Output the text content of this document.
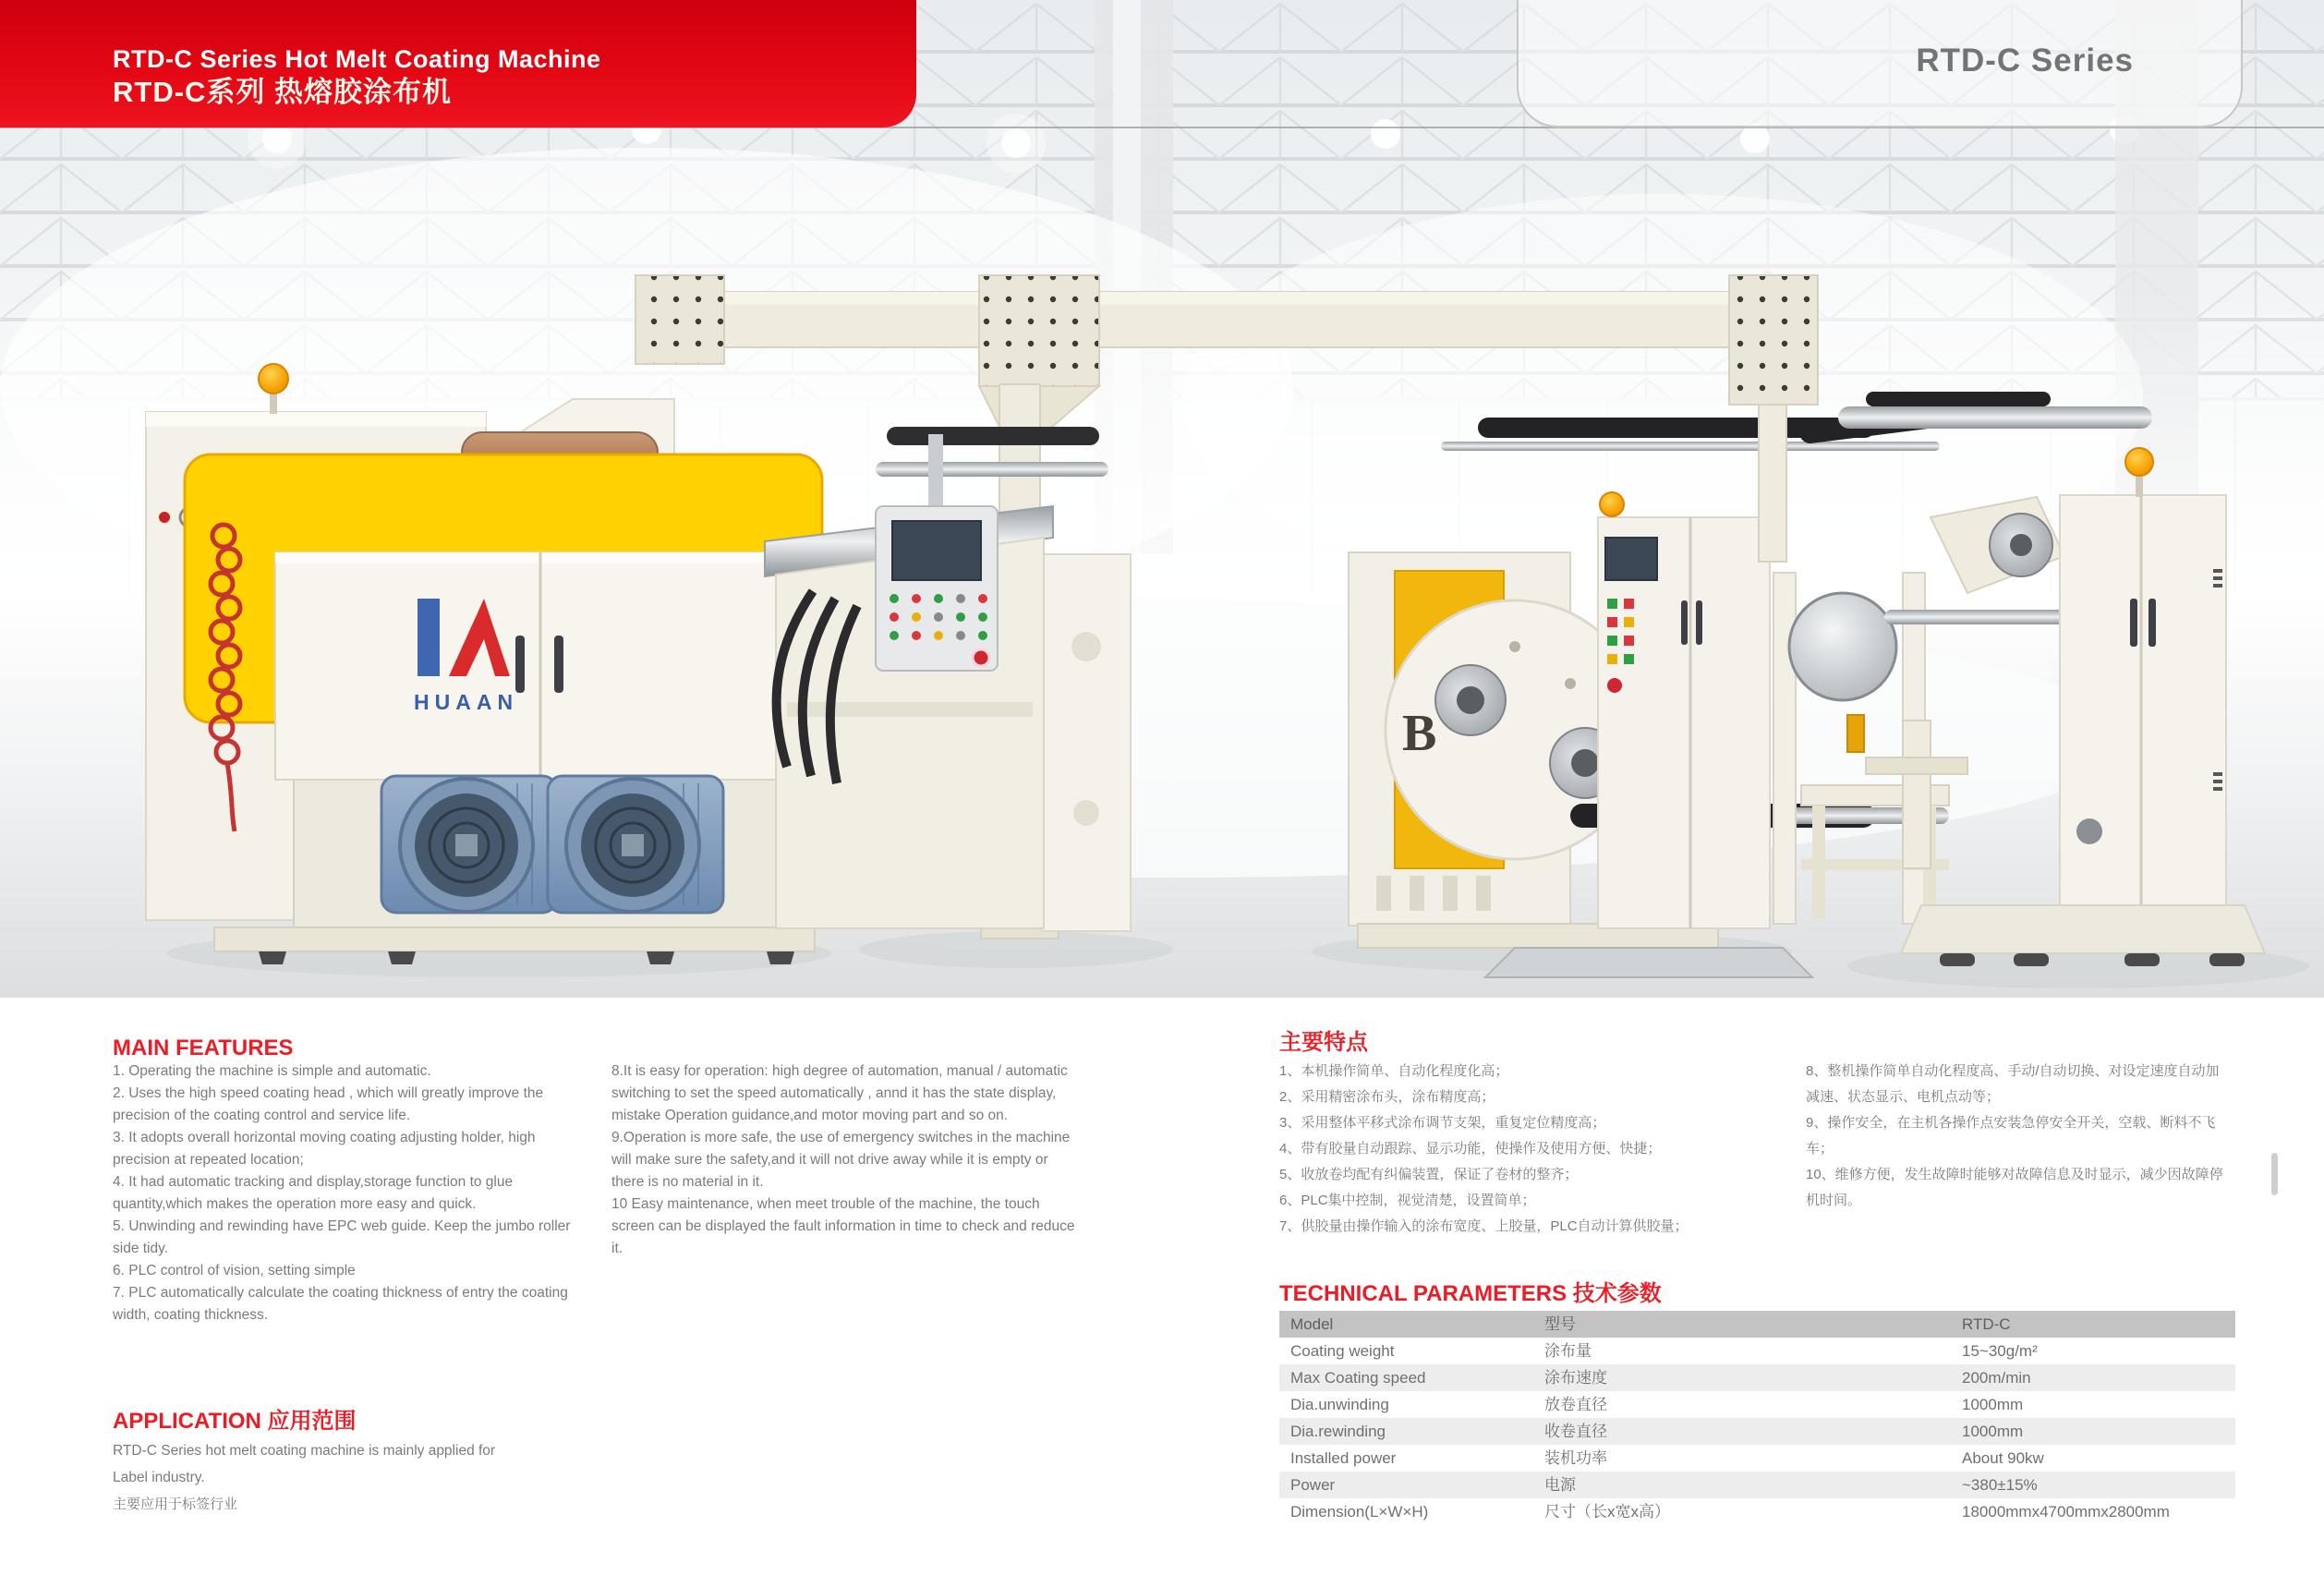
HUAAN
B
RTD-C Series Hot Melt Coating Machine
RTD-C系列 热熔胶涂布机
RTD-C Series
MAIN FEATURES

1. Operating the machine is simple and automatic.

2. Uses the high speed coating head , which will greatly improve the precision of the coating control and service life.

3. It adopts overall horizontal moving coating adjusting holder, high precision at repeated location;

4. It had automatic tracking and display,storage function to glue quantity,which makes the operation more easy and quick.

5. Unwinding and rewinding have EPC web guide. Keep the jumbo roller side tidy.

6. PLC control of vision, setting simple

7. PLC automatically calculate the coating thickness of entry the coating width, coating thickness.

8.It is easy for operation: high degree of automation, manual / automatic switching to set the speed automatically , annd it has the state display, mistake Operation guidance,and motor moving part and so on.

9.Operation is more safe, the use of emergency switches in the machine will make sure the safety,and it will not drive away while it is empty or there is no material in it.

10 Easy maintenance, when meet trouble of the machine, the touch screen can be displayed the fault information in time to check and reduce it.

主要特点

1、本机操作简单、自动化程度化高；

2、采用精密涂布头，涂布精度高；

3、采用整体平移式涂布调节支架，重复定位精度高；

4、带有胶量自动跟踪、显示功能，使操作及使用方便、快捷；

5、收放卷均配有纠偏装置，保证了卷材的整齐；

6、PLC集中控制，视觉清楚，设置简单；

7、供胶量由操作输入的涂布宽度、上胶量，PLC自动计算供胶量；

8、整机操作简单自动化程度高、手动/自动切换、对设定速度自动加减速、状态显示、电机点动等；

9、操作安全，在主机各操作点安装急停安全开关，空载、断料不飞车；

10、维修方便，发生故障时能够对故障信息及时显示，减少因故障停机时间。

APPLICATION 应用范围

RTD-C Series hot melt coating machine is mainly applied for

Label industry.

主要应用于标签行业

TECHNICAL PARAMETERS 技术参数
Model	型号	RTD-C
Coating weight	涂布量	15~30g/m²
Max Coating speed	涂布速度	200m/min
Dia.unwinding	放卷直径	1000mm
Dia.rewinding	收卷直径	1000mm
Installed power	装机功率	About 90kw
Power	电源	~380±15%
Dimension(L×W×H)	尺寸（长x宽x高）	18000mmx4700mmx2800mm
